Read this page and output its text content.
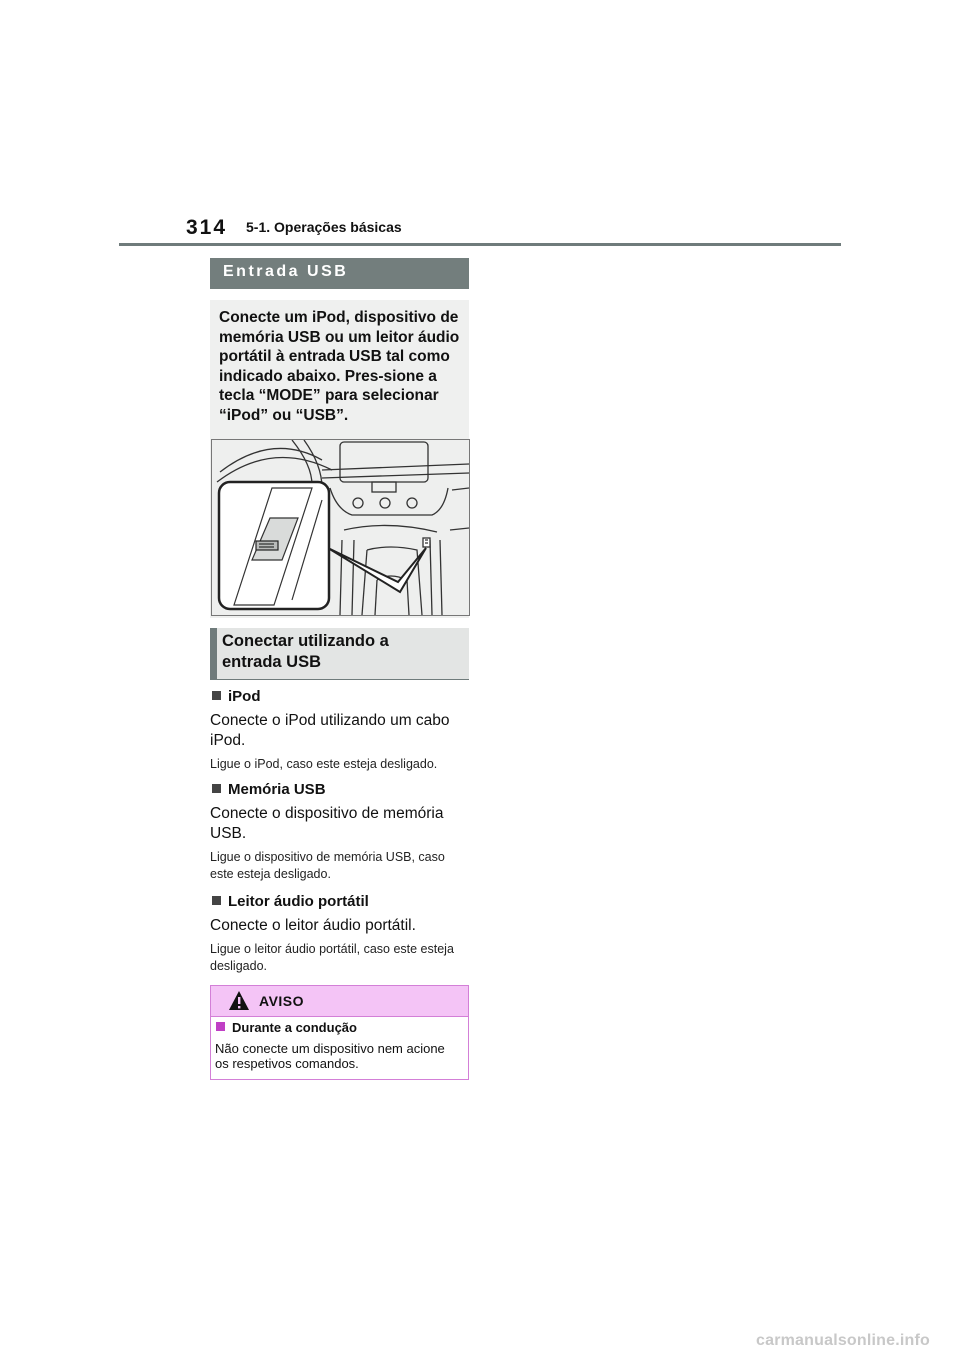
314 5-1. Operações básicas
Entrada USB
Conecte um iPod, dispositivo de memória USB ou um leitor áudio portátil à entrada USB tal como indicado abaixo. Pres-sione a tecla “MODE” para selecionar “iPod” ou “USB”.
Conectar utilizando a
entrada USB
iPod
Conecte o iPod utilizando um cabo iPod.
Ligue o iPod, caso este esteja desligado.
Memória USB
Conecte o dispositivo de memória USB.
Ligue o dispositivo de memória USB, caso este esteja desligado.
Leitor áudio portátil
Conecte o leitor áudio portátil.
Ligue o leitor áudio portátil, caso este esteja desligado.
AVISO
Durante a condução
Não conecte um dispositivo nem acione os respetivos comandos.
carmanualsonline.info
